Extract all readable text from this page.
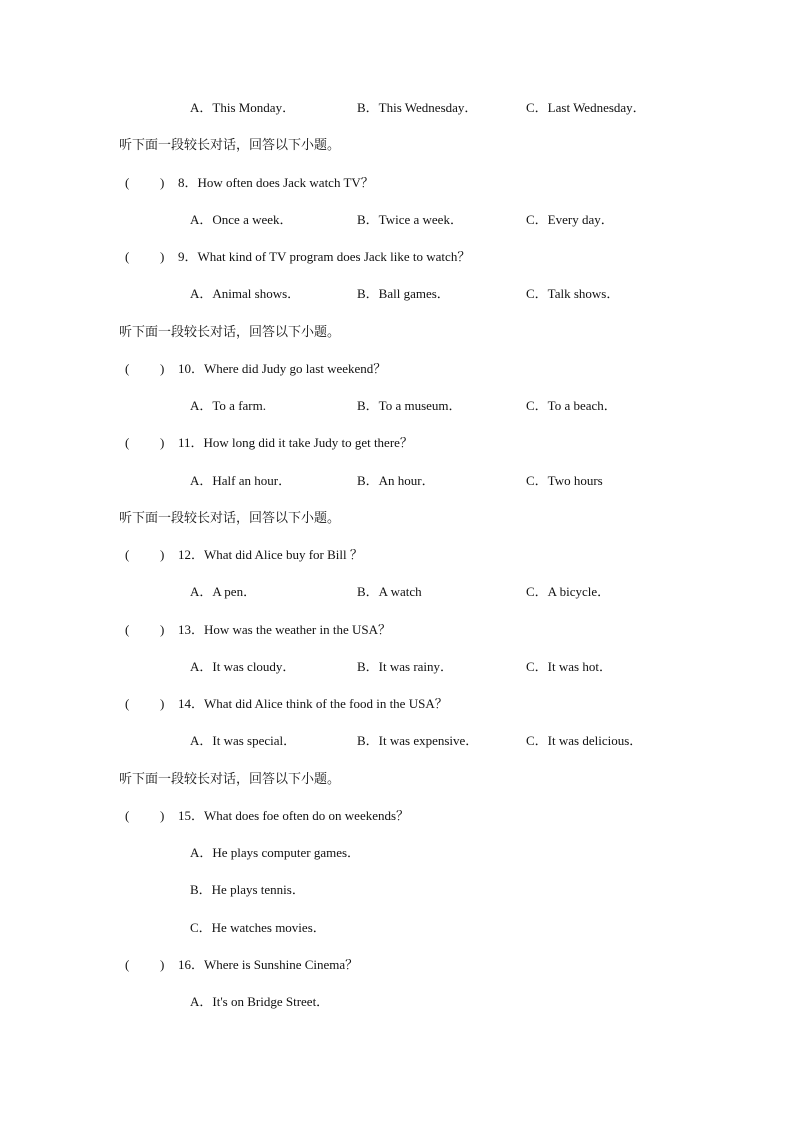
A．This Monday．	B．This Wednesday．	C．Last Wednesday．
听下面一段较长对话，回答以下小题。
( ) 8．How often does Jack watch TV？
A．Once a week．	B．Twice a week．	C．Every day．
( ) 9．What kind of TV program does Jack like to watch？
A．Animal shows．	B．Ball games．	C．Talk shows．
听下面一段较长对话，回答以下小题。
( ) 10．Where did Judy go last weekend？
A．To a farm.	B．To a museum．	C．To a beach．
( ) 11．How long did it take Judy to get there？
A．Half an hour．	B．An hour．	C．Two hours
听下面一段较长对话，回答以下小题。
( ) 12．What did Alice buy for Bill ？
A．A pen．	B．A watch	C．A bicycle．
( ) 13．How was the weather in the USA？
A．It was cloudy．	B．It was rainy．	C．It was hot．
( ) 14．What did Alice think of the food in the USA？
A．It was special．	B．It was expensive．	C．It was delicious．
听下面一段较长对话，回答以下小题。
( ) 15．What does foe often do on weekends？
A．He plays computer games．
B．He plays tennis．
C．He watches movies．
( ) 16．Where is Sunshine Cinema？
A．It's on Bridge Street．
